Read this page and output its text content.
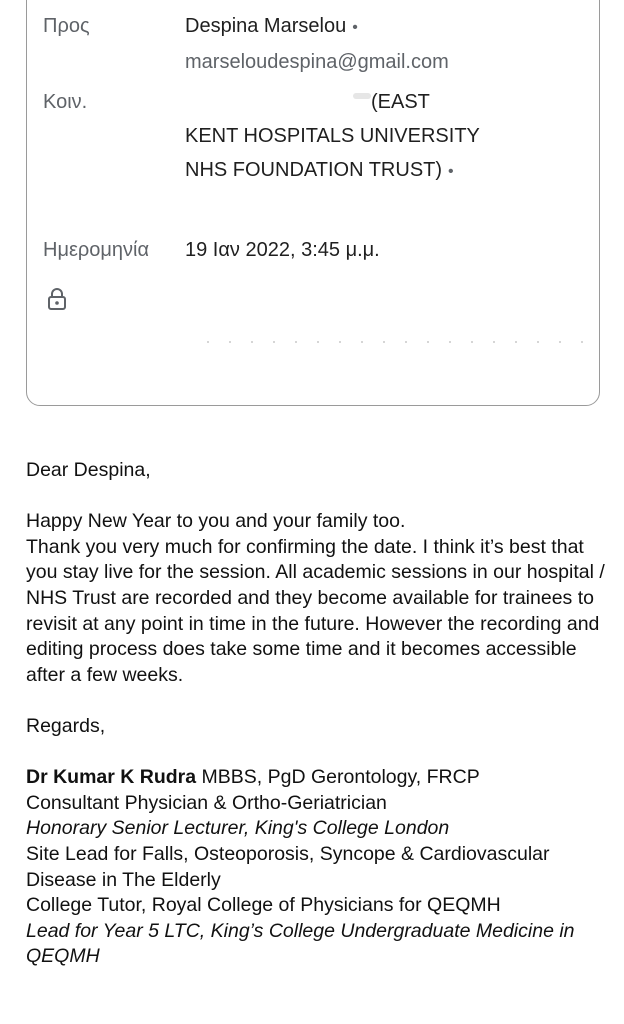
Προς	Despina Marselou •
marseloudespina@gmail.com
Κοιν.	(EAST
KENT HOSPITALS UNIVERSITY
NHS FOUNDATION TRUST) •
Ημερομηνία 19 Ιαν 2022, 3:45 μ.μ.

Dear Despina,

Happy New Year to you and your family too.

Thank you very much for confirming the date. I think it’s best that you stay live for the session. All academic sessions in our hospital / NHS Trust are recorded and they become available for trainees to revisit at any point in time in the future. However the recording and editing process does take some time and it becomes accessible after a few weeks.

Regards,

Dr Kumar K Rudra MBBS, PgD Gerontology, FRCP

Consultant Physician & Ortho-Geriatrician

Honorary Senior Lecturer, King's College London

Site Lead for Falls, Osteoporosis, Syncope & Cardiovascular Disease in The Elderly

College Tutor, Royal College of Physicians for QEQMH

Lead for Year 5 LTC, King’s College Undergraduate Medicine in QEQMH
